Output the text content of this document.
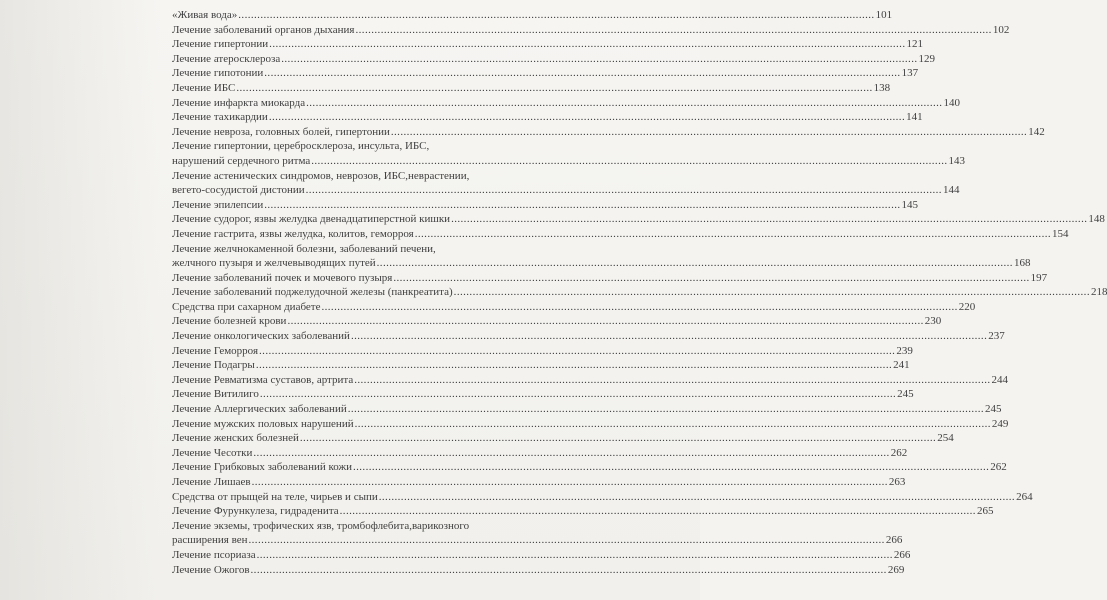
«Живая вода» .....	101
Лечение заболеваний органов дыхания .....	102
Лечение гипертонии .....	121
Лечение атеросклероза .....	129
Лечение гипотонии .....	137
Лечение ИБС .....	138
Лечение инфаркта миокарда .....	140
Лечение тахикардии .....	141
Лечение невроза, головных болей, гипертонии .....	142
Лечение гипертонии, церебросклероза, инсульта, ИБС,
нарушений сердечного ритма .....	143
Лечение астенических синдромов, неврозов, ИБС,неврастении,
вегето-сосудистой дистонии .....	144
Лечение эпилепсии .....	145
Лечение судорог, язвы желудка двенадцатиперстной кишки .....	148
Лечение гастрита, язвы желудка, колитов, геморроя .....	154
Лечение желчнокаменной болезни, заболеваний печени,
желчного пузыря и желчевыводящих путей .....	168
Лечение заболеваний почек и мочевого пузыря .....	197
Лечение заболеваний поджелудочной железы (панкреатита) .....	218
Средства при сахарном диабете .....	220
Лечение болезней крови .....	230
Лечение онкологических заболеваний .....	237
Лечение Геморроя .....	239
Лечение Подагры .....	241
Лечение Ревматизма суставов, артрита .....	244
Лечение Витилиго .....	245
Лечение Аллергических заболеваний .....	245
Лечение мужских половых нарушений .....	249
Лечение женских болезней .....	254
Лечение Чесотки .....	262
Лечение Грибковых заболеваний кожи .....	262
Лечение Лишаев .....	263
Средства от прыщей на теле, чирьев и сыпи .....	264
Лечение Фурункулеза, гидраденита .....	265
Лечение экземы, трофических язв, тромбофлебита,варикозного
расширения вен .....	266
Лечение псориаза .....	266
Лечение Ожогов .....	269
